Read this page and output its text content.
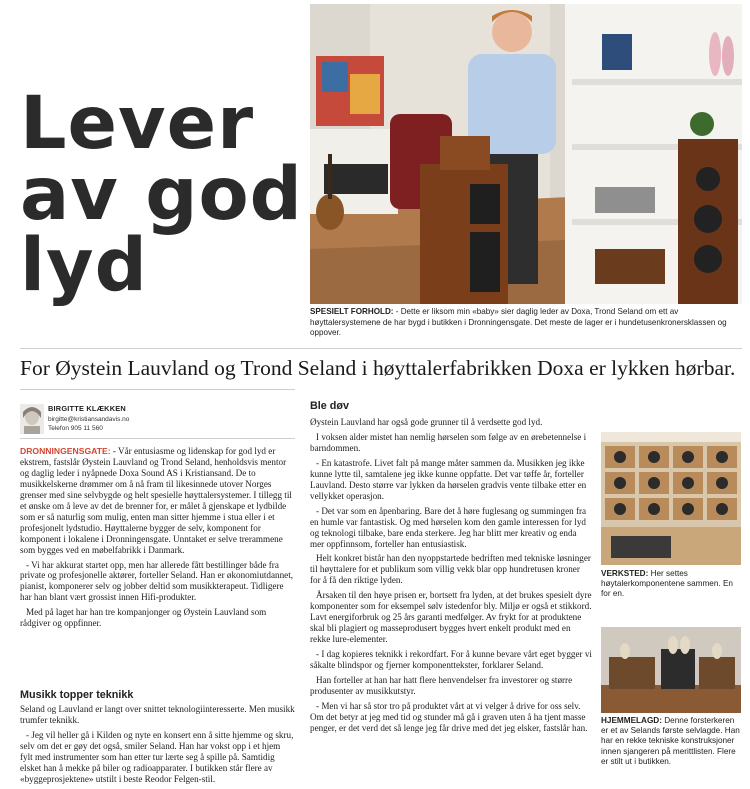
Lever av god lyd
SPESIELT FORHOLD: - Dette er liksom min «baby» sier daglig leder av Doxa, Trond Seland om ett av høyttalersystemene de har bygd i butikken i Dronningensgate. Det meste de lager er i hundetusenkronersklassen og oppover.

For Øystein Lauvland og Trond Seland i høyttalerfabrikken Doxa er lykken hørbar.

BIRGITTE KLÆKKEN
birgitte@kristiansandavis.no
Telefon 905 11 560

DRONNINGENSGATE: - Vår entusiasme og lidenskap for god lyd er ekstrem, fastslår Øystein Lauvland og Trond Seland, henholdsvis mentor og daglig leder i nyåpnede Doxa Sound AS i Kristiansand. De to musikkelskerne drømmer om å nå fram til likesinnede utover Norges grenser med sine selvbygde og helt spesielle høyttalersystemer. I tillegg til et ønske om å leve av det de brenner for, er målet å gjenskape et lydbilde som er så naturlig som mulig, enten man sitter hjemme i stua eller i et profesjonelt lydstudio. Høyttalerne bygger de selv, komponent for komponent i lokalene i Dronningensgate. Unntaket er selve trerammene som bygges ved en møbelfabrikk i Danmark.

- Vi har akkurat startet opp, men har allerede fått bestillinger både fra private og profesjonelle aktører, forteller Seland. Han er økonomiutdannet, pianist, komponerer selv og jobber deltid som musikkterapeut. Tidligere har han blant vært grossist innen Hifi-produkter.

Med på laget har han tre kompanjonger og Øystein Lauvland som rådgiver og oppfinner.

Musikk topper teknikk

Seland og Lauvland er langt over snittet teknologiinteresserte. Men musikk trumfer teknikk.

- Jeg vil heller gå i Kilden og nyte en konsert enn å sitte hjemme og skru, selv om det er gøy det også, smiler Seland. Han har vokst opp i et hjem fylt med instrumenter som han etter tur lærte seg å spille på. Samtidig elsket han å mekke på biler og radioapparater. I butikken står flere av «byggeprosjektene» utstilt i beste Reodor Felgen-stil.

Ble døv

Øystein Lauvland har også gode grunner til å verdsette god lyd.

I voksen alder mistet han nemlig hørselen som følge av en ørebetennelse i barndommen.

- En katastrofe. Livet falt på mange måter sammen da. Musikken jeg ikke kunne lytte til, samtalene jeg ikke kunne oppfatte. Det var tøffe år, forteller Lauvland. Desto større var lykken da hørselen gradvis vente tilbake etter en vellykket operasjon.

- Det var som en åpenbaring. Bare det å høre fuglesang og summingen fra en humle var fantastisk. Og med hørselen kom den gamle interessen for lyd og teknologi tilbake, bare enda sterkere. Jeg har blitt mer kreativ og enda mer oppfinnsom, forteller han entusiastisk.

Helt konkret bistår han den nyoppstartede bedriften med tekniske løsninger til høyttalere for et publikum som villig vekk blar opp hundretusen kroner for å få den riktige lyden.

Årsaken til den høye prisen er, bortsett fra lyden, at det brukes spesielt dyre komponenter som for eksempel sølv istedenfor bly. Miljø er også et stikkord. Lavt energiforbruk og 25 års garanti medfølger. Av frykt for at produktene skal bli plagiert og masseprodusert bygges hvert enkelt produkt med en rekke lure-elementer.

- I dag kopieres teknikk i rekordfart. For å kunne bevare vårt eget bygger vi såkalte blindspor og fjerner komponenttekster, forklarer Seland.

Han forteller at han har hatt flere henvendelser fra investorer og større produsenter av musikkutstyr.

- Men vi har så stor tro på produktet vårt at vi velger å drive for oss selv. Om det betyr at jeg med tid og stunder må gå i graven uten å ha tjent masse penger, er det verd det så lenge jeg får drive med det jeg elsker, fastslår han.

VERKSTED: Her settes høytalerkomponentene sammen. En for en.
HJEMMELAGD: Denne forsterkeren er et av Selands første selvlagde. Han har en rekke tekniske konstruksjoner innen sjangeren på merittlisten. Flere er stilt ut i butikken.
